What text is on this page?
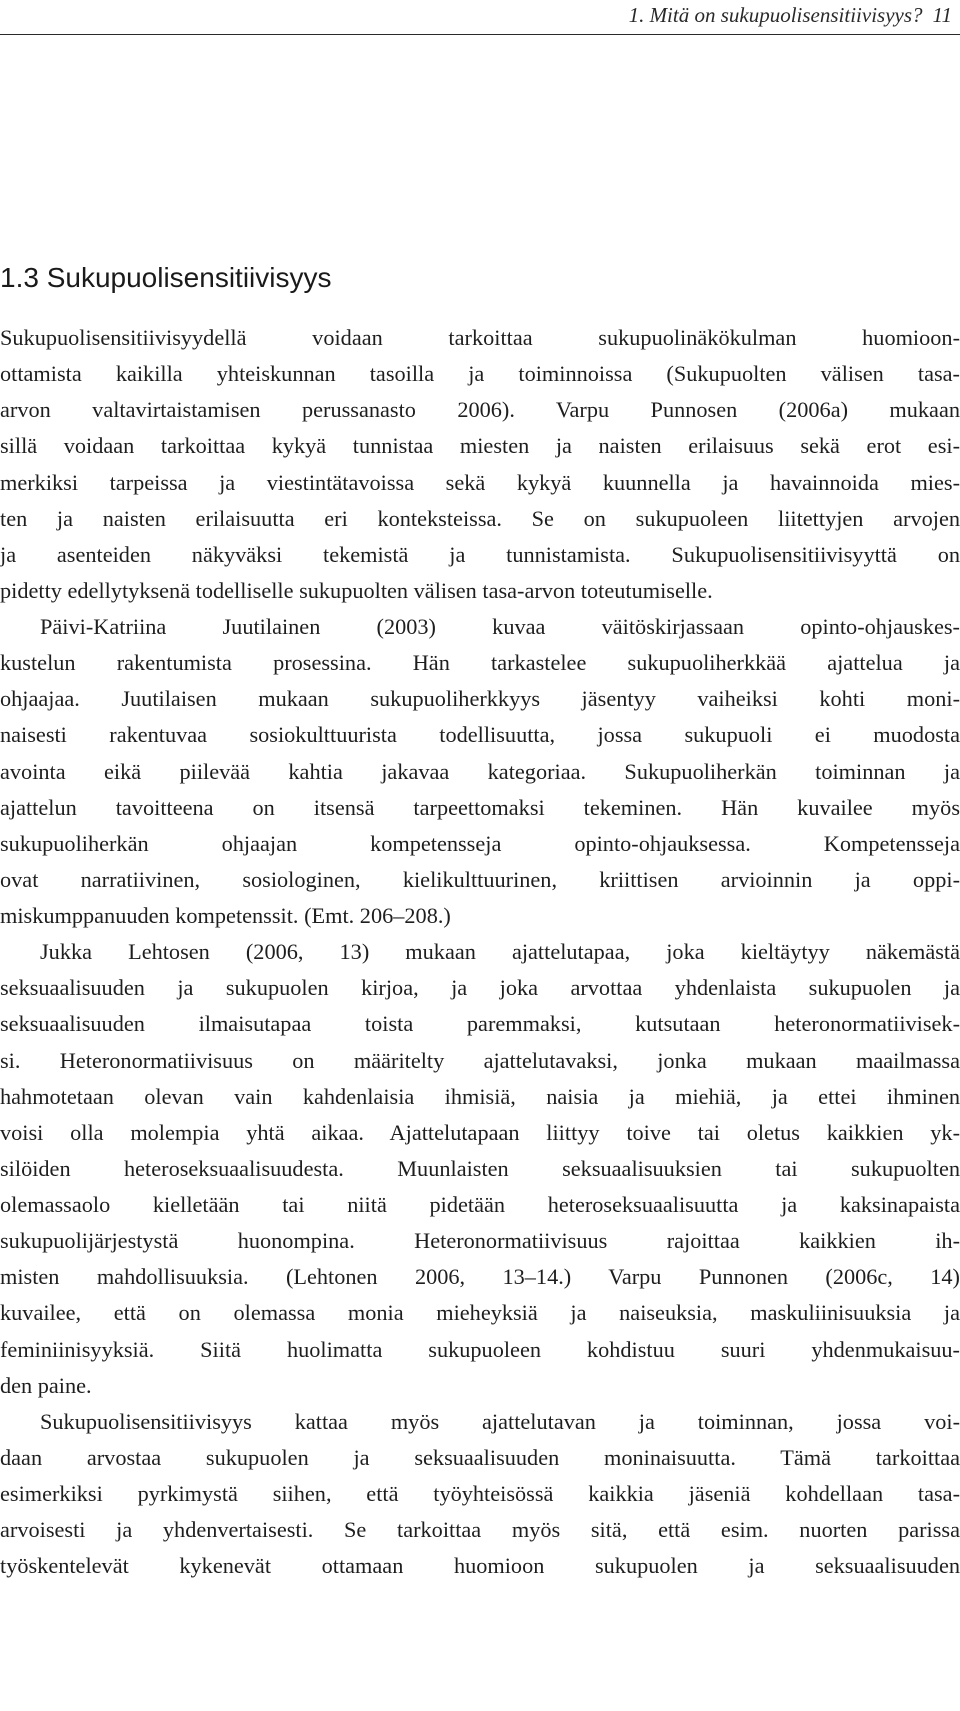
1. Mitä on sukupuolisensitiivisyys? 11
1.3 Sukupuolisensitiivisyys
Sukupuolisensitiivisyydellä voidaan tarkoittaa sukupuolinäkökulman huomioon-
ottamista kaikilla yhteiskunnan tasoilla ja toiminnoissa (Sukupuolten välisen tasa-
arvon valtavirtaistamisen perussanasto 2006). Varpu Punnosen (2006a) mukaan
sillä voidaan tarkoittaa kykyä tunnistaa miesten ja naisten erilaisuus sekä erot esi-
merkiksi tarpeissa ja viestintätavoissa sekä kykyä kuunnella ja havainnoida mies-
ten ja naisten erilaisuutta eri konteksteissa. Se on sukupuoleen liitettyjen arvojen
ja asenteiden näkyväksi tekemistä ja tunnistamista. Sukupuolisensitiivisyyttä on
pidetty edellytyksenä todelliselle sukupuolten välisen tasa-arvon toteutumiselle.
Päivi-Katriina Juutilainen (2003) kuvaa väitöskirjassaan opinto-ohjauskes-
kustelun rakentumista prosessina. Hän tarkastelee sukupuoliherkkää ajattelua ja
ohjaajaa. Juutilaisen mukaan sukupuoliherkkyys jäsentyy vaiheiksi kohti moni-
naisesti rakentuvaa sosiokulttuurista todellisuutta, jossa sukupuoli ei muodosta
avointa eikä piilevää kahtia jakavaa kategoriaa. Sukupuoliherkän toiminnan ja
ajattelun tavoitteena on itsensä tarpeettomaksi tekeminen. Hän kuvailee myös
sukupuoliherkän ohjaajan kompetensseja opinto-ohjauksessa. Kompetensseja
ovat narratiivinen, sosiologinen, kielikulttuurinen, kriittisen arvioinnin ja oppi-
miskumppanuuden kompetenssit. (Emt. 206–208.)
Jukka Lehtosen (2006, 13) mukaan ajattelutapaa, joka kieltäytyy näkemästä
seksuaalisuuden ja sukupuolen kirjoa, ja joka arvottaa yhdenlaista sukupuolen ja
seksuaalisuuden ilmaisutapaa toista paremmaksi, kutsutaan heteronormatiivisek-
si. Heteronormatiivisuus on määritelty ajattelutavaksi, jonka mukaan maailmassa
hahmotetaan olevan vain kahdenlaisia ihmisiä, naisia ja miehiä, ja ettei ihminen
voisi olla molempia yhtä aikaa. Ajattelutapaan liittyy toive tai oletus kaikkien yk-
silöiden heteroseksuaalisuudesta. Muunlaisten seksuaalisuuksien tai sukupuolten
olemassaolo kielletään tai niitä pidetään heteroseksuaalisuutta ja kaksinapaista
sukupuolijärjestystä huonompina. Heteronormatiivisuus rajoittaa kaikkien ih-
misten mahdollisuuksia. (Lehtonen 2006, 13–14.) Varpu Punnonen (2006c, 14)
kuvailee, että on olemassa monia mieheyksiä ja naiseuksia, maskuliinisuuksia ja
feminiinisyyksiä. Siitä huolimatta sukupuoleen kohdistuu suuri yhdenmukaisuu-
den paine.
Sukupuolisensitiivisyys kattaa myös ajattelutavan ja toiminnan, jossa voi-
daan arvostaa sukupuolen ja seksuaalisuuden moninaisuutta. Tämä tarkoittaa
esimerkiksi pyrkimystä siihen, että työyhteisössä kaikkia jäseniä kohdellaan tasa-
arvoisesti ja yhdenvertaisesti. Se tarkoittaa myös sitä, että esim. nuorten parissa
työskentelevät kykenevät ottamaan huomioon sukupuolen ja seksuaalisuuden
